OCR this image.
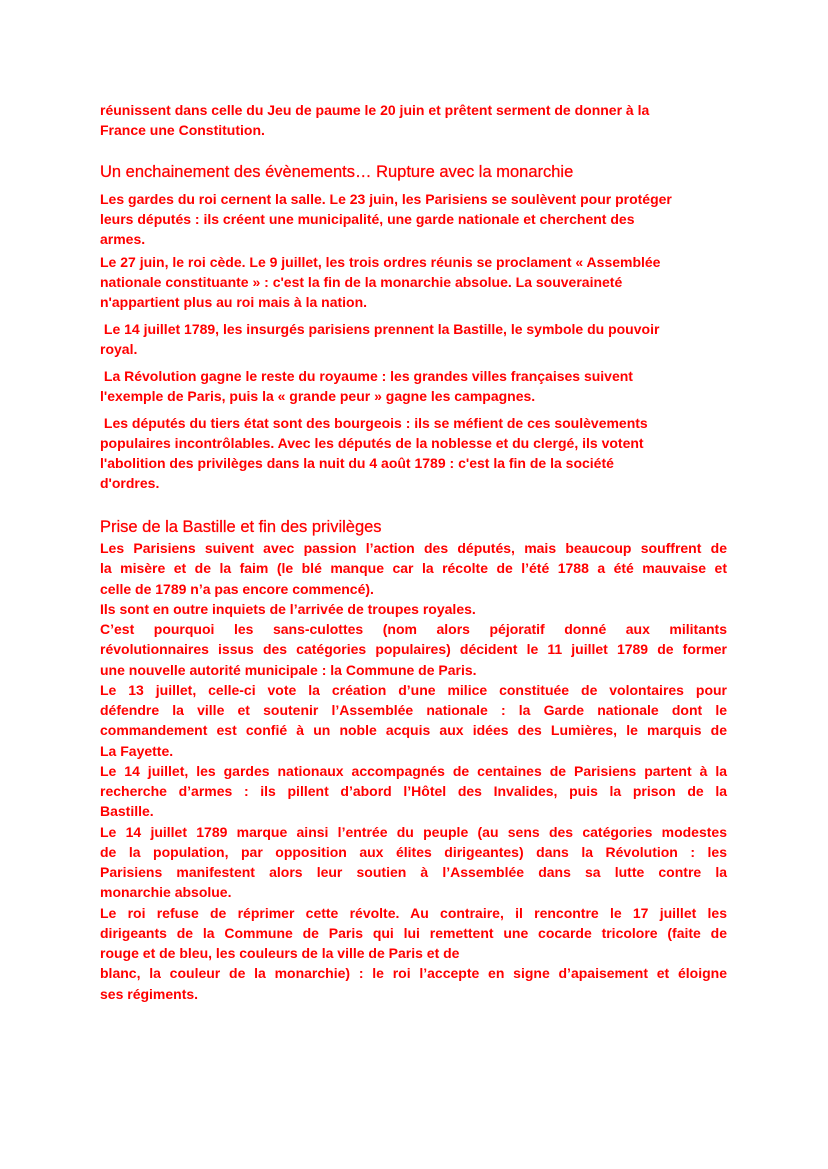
réunissent dans celle du Jeu de paume le 20 juin et prêtent serment de donner à la
France une Constitution.
Un enchainement des évènements… Rupture avec la monarchie
Les gardes du roi cernent la salle. Le 23 juin, les Parisiens se soulèvent pour protéger
leurs députés : ils créent une municipalité, une garde nationale et cherchent des
armes.
Le 27 juin, le roi cède. Le 9 juillet, les trois ordres réunis se proclament « Assemblée
nationale constituante » : c'est la fin de la monarchie absolue. La souveraineté
n'appartient plus au roi mais à la nation.
Le 14 juillet 1789, les insurgés parisiens prennent la Bastille, le symbole du pouvoir
royal.
La Révolution gagne le reste du royaume : les grandes villes françaises suivent
l'exemple de Paris, puis la « grande peur » gagne les campagnes.
Les députés du tiers état sont des bourgeois : ils se méfient de ces soulèvements
populaires incontrôlables. Avec les députés de la noblesse et du clergé, ils votent
l'abolition des privilèges dans la nuit du 4 août 1789 : c'est la fin de la société
d'ordres.
Prise de la Bastille et fin des privilèges
Les Parisiens suivent avec passion l’action des députés, mais beaucoup souffrent de
la misère et de la faim (le blé manque car la récolte de l’été 1788 a été mauvaise et
celle de 1789 n’a pas encore commencé).
Ils sont en outre inquiets de l’arrivée de troupes royales.
C’est pourquoi les sans-culottes (nom alors péjoratif donné aux militants
révolutionnaires issus des catégories populaires) décident le 11 juillet 1789 de former
une nouvelle autorité municipale : la Commune de Paris.
Le 13 juillet, celle-ci vote la création d’une milice constituée de volontaires pour
défendre la ville et soutenir l’Assemblée nationale : la Garde nationale dont le
commandement est confié à un noble acquis aux idées des Lumières, le marquis de
La Fayette.
Le 14 juillet, les gardes nationaux accompagnés de centaines de Parisiens partent à la
recherche d’armes : ils pillent d’abord l’Hôtel des Invalides, puis la prison de la
Bastille.
Le 14 juillet 1789 marque ainsi l’entrée du peuple (au sens des catégories modestes
de la population, par opposition aux élites dirigeantes) dans la Révolution : les
Parisiens manifestent alors leur soutien à l’Assemblée dans sa lutte contre la
monarchie absolue.
Le roi refuse de réprimer cette révolte. Au contraire, il rencontre le 17 juillet les
dirigeants de la Commune de Paris qui lui remettent une cocarde tricolore (faite de
rouge et de bleu, les couleurs de la ville de Paris et de
blanc, la couleur de la monarchie) : le roi l’accepte en signe d’apaisement et éloigne
ses régiments.
